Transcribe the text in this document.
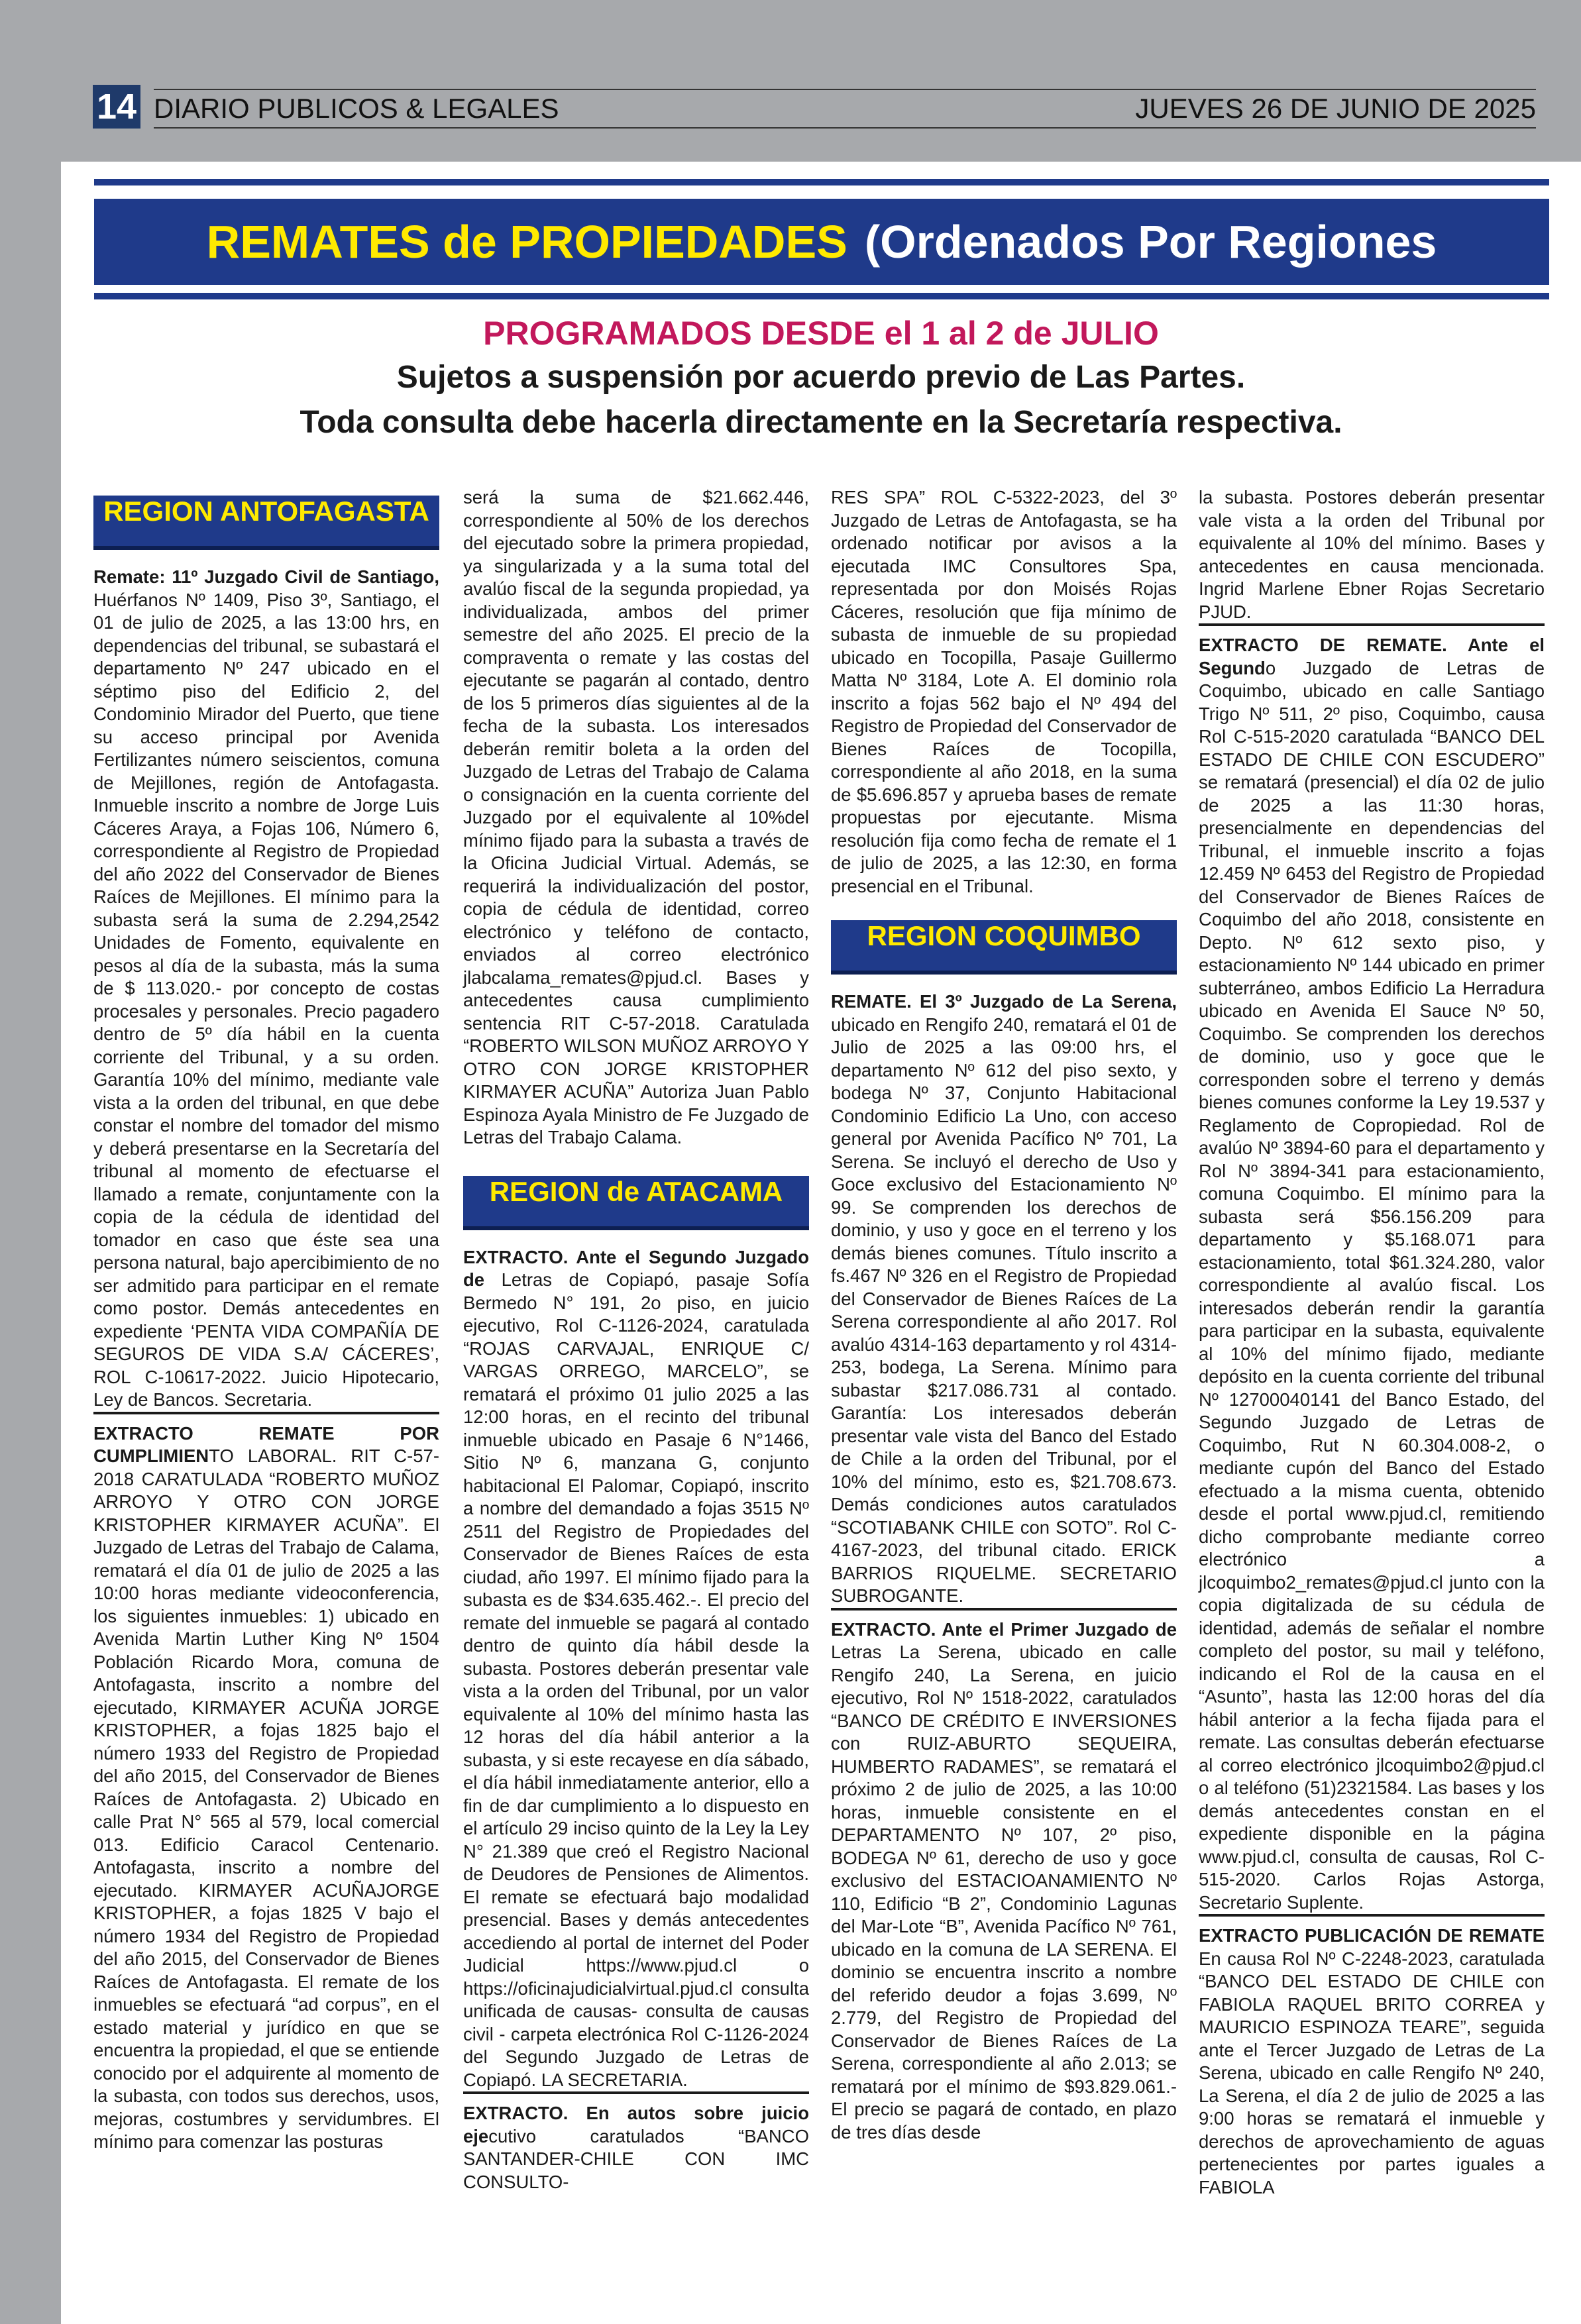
14 DIARIO PUBLICOS & LEGALES	JUEVES 26 DE JUNIO DE 2025
REMATES de PROPIEDADES (Ordenados Por Regiones
PROGRAMADOS DESDE el 1 al 2 de JULIO
Sujetos a suspensión por acuerdo previo de Las Partes.
Toda consulta debe hacerla directamente en la Secretaría respectiva.
REGION ANTOFAGASTA

Remate: 11º Juzgado Civil de Santiago, Huérfanos Nº 1409, Piso 3º, Santiago, el 01 de julio de 2025, a las 13:00 hrs, en dependencias del tribunal, se subastará el departamento Nº 247 ubicado en el séptimo piso del Edificio 2, del Condominio Mirador del Puerto, que tiene su acceso principal por Avenida Fertilizantes número seiscientos, comuna de Mejillones, región de Antofagasta. Inmueble inscrito a nombre de Jorge Luis Cáceres Araya, a Fojas 106, Número 6, correspondiente al Registro de Propiedad del año 2022 del Conservador de Bienes Raíces de Mejillones. El mínimo para la subasta será la suma de 2.294,2542 Unidades de Fomento, equivalente en pesos al día de la subasta, más la suma de $ 113.020.- por concepto de costas procesales y personales. Precio pagadero dentro de 5º día hábil en la cuenta corriente del Tribunal, y a su orden. Garantía 10% del mínimo, mediante vale vista a la orden del tribunal, en que debe constar el nombre del tomador del mismo y deberá presentarse en la Secretaría del tribunal al momento de efectuarse el llamado a remate, conjuntamente con la copia de la cédula de identidad del tomador en caso que éste sea una persona natural, bajo apercibimiento de no ser admitido para participar en el remate como postor. Demás antecedentes en expediente ‘PENTA VIDA COMPAÑÍA DE SEGUROS DE VIDA S.A/ CÁCERES’, ROL C-10617-2022. Juicio Hipotecario, Ley de Bancos. Secretaria.

EXTRACTO REMATE POR CUMPLIMIENTO LABORAL. RIT C-57-2018 CARATULADA “ROBERTO MUÑOZ ARROYO Y OTRO CON JORGE KRISTOPHER KIRMAYER ACUÑA”. El Juzgado de Letras del Trabajo de Calama, rematará el día 01 de julio de 2025 a las 10:00 horas mediante videoconferencia, los siguientes inmuebles: 1) ubicado en Avenida Martin Luther King Nº 1504 Población Ricardo Mora, comuna de Antofagasta, inscrito a nombre del ejecutado, KIRMAYER ACUÑA JORGE KRISTOPHER, a fojas 1825 bajo el número 1933 del Registro de Propiedad del año 2015, del Conservador de Bienes Raíces de Antofagasta. 2) Ubicado en calle Prat N° 565 al 579, local comercial 013. Edificio Caracol Centenario. Antofagasta, inscrito a nombre del ejecutado. KIRMAYER ACUÑAJORGE KRISTOPHER, a fojas 1825 V bajo el número 1934 del Registro de Propiedad del año 2015, del Conservador de Bienes Raíces de Antofagasta. El remate de los inmuebles se efectuará “ad corpus”, en el estado material y jurídico en que se encuentra la propiedad, el que se entiende conocido por el adquirente al momento de la subasta, con todos sus derechos, usos, mejoras, costumbres y servidumbres. El mínimo para comenzar las posturas

será la suma de $21.662.446, correspondiente al 50% de los derechos del ejecutado sobre la primera propiedad, ya singularizada y a la suma total del avalúo fiscal de la segunda propiedad, ya individualizada, ambos del primer semestre del año 2025. El precio de la compraventa o remate y las costas del ejecutante se pagarán al contado, dentro de los 5 primeros días siguientes al de la fecha de la subasta. Los interesados deberán remitir boleta a la orden del Juzgado de Letras del Trabajo de Calama o consignación en la cuenta corriente del Juzgado por el equivalente al 10%del mínimo fijado para la subasta a través de la Oficina Judicial Virtual. Además, se requerirá la individualización del postor, copia de cédula de identidad, correo electrónico y teléfono de contacto, enviados al correo electrónico jlabcalama_remates@pjud.cl. Bases y antecedentes causa cumplimiento sentencia RIT C-57-2018. Caratulada “ROBERTO WILSON MUÑOZ ARROYO Y OTRO CON JORGE KRISTOPHER KIRMAYER ACUÑA” Autoriza Juan Pablo Espinoza Ayala Ministro de Fe Juzgado de Letras del Trabajo Calama.

REGION de ATACAMA

EXTRACTO. Ante el Segundo Juzgado de Letras de Copiapó, pasaje Sofía Bermedo N° 191, 2o piso, en juicio ejecutivo, Rol C-1126-2024, caratulada “ROJAS CARVAJAL, ENRIQUE C/ VARGAS ORREGO, MARCELO”, se rematará el próximo 01 julio 2025 a las 12:00 horas, en el recinto del tribunal inmueble ubicado en Pasaje 6 N°1466, Sitio Nº 6, manzana G, conjunto habitacional El Palomar, Copiapó, inscrito a nombre del demandado a fojas 3515 Nº 2511 del Registro de Propiedades del Conservador de Bienes Raíces de esta ciudad, año 1997. El mínimo fijado para la subasta es de $34.635.462.-. El precio del remate del inmueble se pagará al contado dentro de quinto día hábil desde la subasta. Postores deberán presentar vale vista a la orden del Tribunal, por un valor equivalente al 10% del mínimo hasta las 12 horas del día hábil anterior a la subasta, y si este recayese en día sábado, el día hábil inmediatamente anterior, ello a fin de dar cumplimiento a lo dispuesto en el artículo 29 inciso quinto de la Ley la Ley N° 21.389 que creó el Registro Nacional de Deudores de Pensiones de Alimentos. El remate se efectuará bajo modalidad presencial. Bases y demás antecedentes accediendo al portal de internet del Poder Judicial https://www.pjud.cl o https://oficinajudicialvirtual.pjud.cl consulta unificada de causas- consulta de causas civil - carpeta electrónica Rol C-1126-2024 del Segundo Juzgado de Letras de Copiapó. LA SECRETARIA.

EXTRACTO. En autos sobre juicio ejecutivo caratulados “BANCO SANTANDER-CHILE CON IMC CONSULTO-

RES SPA” ROL C-5322-2023, del 3º Juzgado de Letras de Antofagasta, se ha ordenado notificar por avisos a la ejecutada IMC Consultores Spa, representada por don Moisés Rojas Cáceres, resolución que fija mínimo de subasta de inmueble de su propiedad ubicado en Tocopilla, Pasaje Guillermo Matta Nº 3184, Lote A. El dominio rola inscrito a fojas 562 bajo el Nº 494 del Registro de Propiedad del Conservador de Bienes Raíces de Tocopilla, correspondiente al año 2018, en la suma de $5.696.857 y aprueba bases de remate propuestas por ejecutante. Misma resolución fija como fecha de remate el 1 de julio de 2025, a las 12:30, en forma presencial en el Tribunal.

REGION COQUIMBO

REMATE. El 3º Juzgado de La Serena, ubicado en Rengifo 240, rematará el 01 de Julio de 2025 a las 09:00 hrs, el departamento Nº 612 del piso sexto, y bodega Nº 37, Conjunto Habitacional Condominio Edificio La Uno, con acceso general por Avenida Pacífico Nº 701, La Serena. Se incluyó el derecho de Uso y Goce exclusivo del Estacionamiento Nº 99. Se comprenden los derechos de dominio, y uso y goce en el terreno y los demás bienes comunes. Título inscrito a fs.467 Nº 326 en el Registro de Propiedad del Conservador de Bienes Raíces de La Serena correspondiente al año 2017. Rol avalúo 4314-163 departamento y rol 4314-253, bodega, La Serena. Mínimo para subastar $217.086.731 al contado. Garantía: Los interesados deberán presentar vale vista del Banco del Estado de Chile a la orden del Tribunal, por el 10% del mínimo, esto es, $21.708.673. Demás condiciones autos caratulados “SCOTIABANK CHILE con SOTO”. Rol C-4167-2023, del tribunal citado. ERICK BARRIOS RIQUELME. SECRETARIO SUBROGANTE.

EXTRACTO. Ante el Primer Juzgado de Letras La Serena, ubicado en calle Rengifo 240, La Serena, en juicio ejecutivo, Rol Nº 1518-2022, caratulados “BANCO DE CRÉDITO E INVERSIONES con RUIZ-ABURTO SEQUEIRA, HUMBERTO RADAMES”, se rematará el próximo 2 de julio de 2025, a las 10:00 horas, inmueble consistente en el DEPARTAMENTO Nº 107, 2º piso, BODEGA Nº 61, derecho de uso y goce exclusivo del ESTACIOANAMIENTO Nº 110, Edificio “B 2”, Condominio Lagunas del Mar-Lote “B”, Avenida Pacífico Nº 761, ubicado en la comuna de LA SERENA. El dominio se encuentra inscrito a nombre del referido deudor a fojas 3.699, Nº 2.779, del Registro de Propiedad del Conservador de Bienes Raíces de La Serena, correspondiente al año 2.013; se rematará por el mínimo de $93.829.061.- El precio se pagará de contado, en plazo de tres días desde

la subasta. Postores deberán presentar vale vista a la orden del Tribunal por equivalente al 10% del mínimo. Bases y antecedentes en causa mencionada. Ingrid Marlene Ebner Rojas Secretario PJUD.

EXTRACTO DE REMATE. Ante el Segundo Juzgado de Letras de Coquimbo, ubicado en calle Santiago Trigo Nº 511, 2º piso, Coquimbo, causa Rol C-515-2020 caratulada “BANCO DEL ESTADO DE CHILE CON ESCUDERO” se rematará (presencial) el día 02 de julio de 2025 a las 11:30 horas, presencialmente en dependencias del Tribunal, el inmueble inscrito a fojas 12.459 Nº 6453 del Registro de Propiedad del Conservador de Bienes Raíces de Coquimbo del año 2018, consistente en Depto. Nº 612 sexto piso, y estacionamiento Nº 144 ubicado en primer subterráneo, ambos Edificio La Herradura ubicado en Avenida El Sauce Nº 50, Coquimbo. Se comprenden los derechos de dominio, uso y goce que le corresponden sobre el terreno y demás bienes comunes conforme la Ley 19.537 y Reglamento de Copropiedad. Rol de avalúo Nº 3894-60 para el departamento y Rol Nº 3894-341 para estacionamiento, comuna Coquimbo. El mínimo para la subasta será $56.156.209 para departamento y $5.168.071 para estacionamiento, total $61.324.280, valor correspondiente al avalúo fiscal. Los interesados deberán rendir la garantía para participar en la subasta, equivalente al 10% del mínimo fijado, mediante depósito en la cuenta corriente del tribunal Nº 12700040141 del Banco Estado, del Segundo Juzgado de Letras de Coquimbo, Rut N 60.304.008-2, o mediante cupón del Banco del Estado efectuado a la misma cuenta, obtenido desde el portal www.pjud.cl, remitiendo dicho comprobante mediante correo electrónico a jlcoquimbo2_remates@pjud.cl junto con la copia digitalizada de su cédula de identidad, además de señalar el nombre completo del postor, su mail y teléfono, indicando el Rol de la causa en el “Asunto”, hasta las 12:00 horas del día hábil anterior a la fecha fijada para el remate. Las consultas deberán efectuarse al correo electrónico jlcoquimbo2@pjud.cl o al teléfono (51)2321584. Las bases y los demás antecedentes constan en el expediente disponible en la página www.pjud.cl, consulta de causas, Rol C-515-2020. Carlos Rojas Astorga, Secretario Suplente.

EXTRACTO PUBLICACIÓN DE REMATE En causa Rol Nº C-2248-2023, caratulada “BANCO DEL ESTADO DE CHILE con FABIOLA RAQUEL BRITO CORREA y MAURICIO ESPINOZA TEARE”, seguida ante el Tercer Juzgado de Letras de La Serena, ubicado en calle Rengifo Nº 240, La Serena, el día 2 de julio de 2025 a las 9:00 horas se rematará el inmueble y derechos de aprovechamiento de aguas pertenecientes por partes iguales a FABIOLA
